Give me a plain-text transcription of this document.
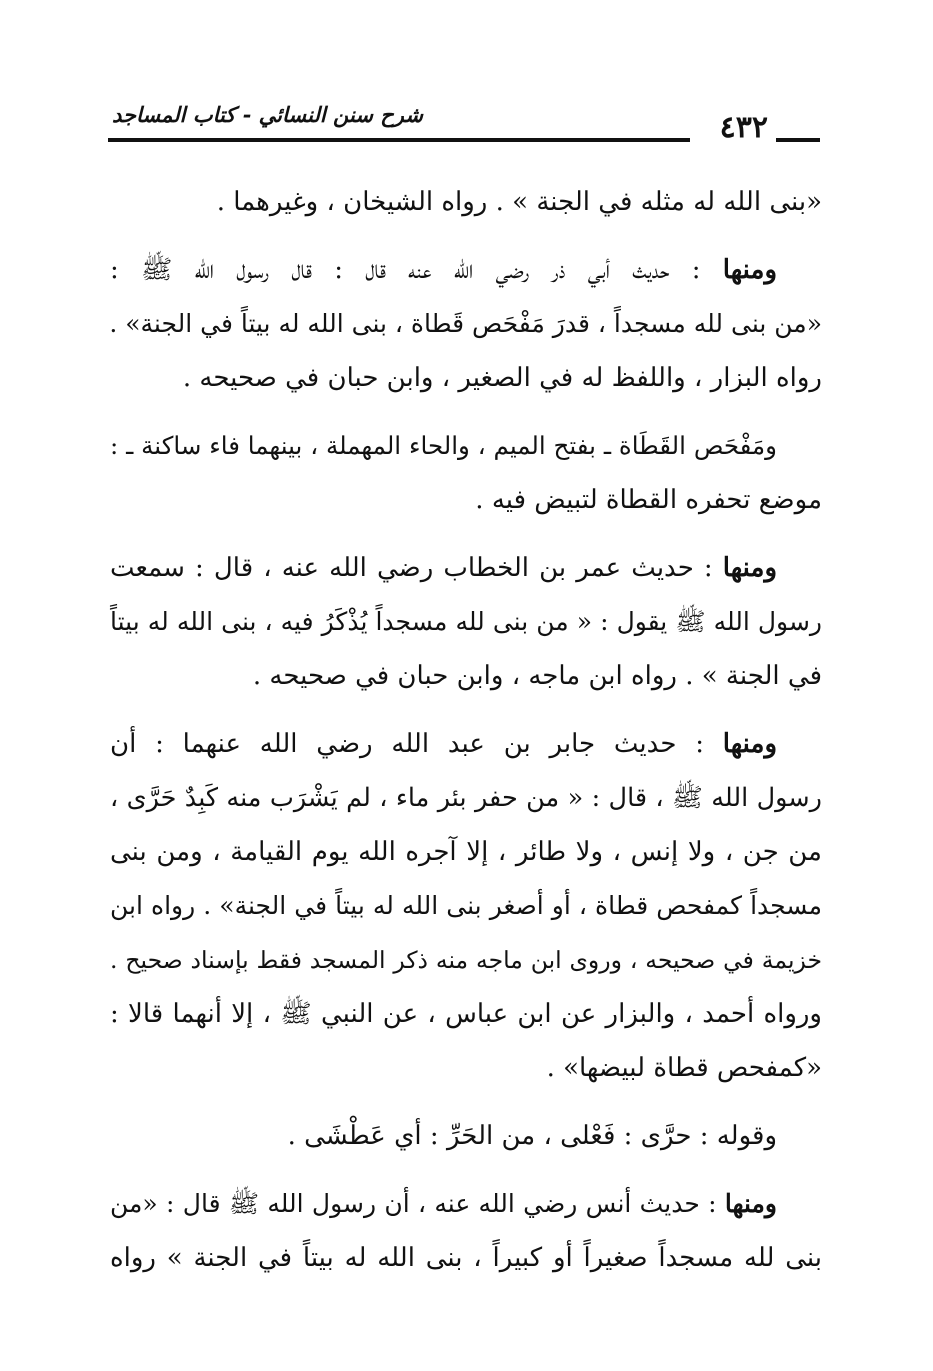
شرح سنن النسائي - كتاب المساجد	٤٣٢
«بنى الله له مثله في الجنة » . رواه الشيخان ، وغيرهما .
ومنها : حديث أبي ذر رضي الله عنه قال : قال رسول الله ﷺ :
«من بنى لله مسجداً ، قدرَ مَفْحَص قَطاة ، بنى الله له بيتاً في الجنة» .
رواه البزار ، واللفظ له في الصغير ، وابن حبان في صحيحه .
ومَفْحَص القَطَاة ـ بفتح الميم ، والحاء المهملة ، بينهما فاء ساكنة ـ :
موضع تحفره القطاة لتبيض فيه .
ومنها : حديث عمر بن الخطاب رضي الله عنه ، قال : سمعت
رسول الله ﷺ يقول : « من بنى لله مسجداً يُذْكَرُ فيه ، بنى الله له بيتاً
في الجنة » . رواه ابن ماجه ، وابن حبان في صحيحه .
ومنها : حديث جابر بن عبد الله رضي الله عنهما : أن
رسول الله ﷺ ، قال : « من حفر بئر ماء ، لم يَشْرَب منه كَبِدٌ حَرَّى ،
من جن ، ولا إنس ، ولا طائر ، إلا آجره الله يوم القيامة ، ومن بنى
مسجداً كمفحص قطاة ، أو أصغر بنى الله له بيتاً في الجنة» . رواه ابن
خزيمة في صحيحه ، وروى ابن ماجه منه ذكر المسجد فقط بإسناد صحيح .
ورواه أحمد ، والبزار عن ابن عباس ، عن النبي ﷺ ، إلا أنهما قالا :
«كمفحص قطاة لبيضها» .
وقوله : حرَّى : فَعْلى ، من الحَرِّ : أي عَطْشَى .
ومنها : حديث أنس رضي الله عنه ، أن رسول الله ﷺ قال : «من
بنى لله مسجداً صغيراً أو كبيراً ، بنى الله له بيتاً في الجنة » رواه
